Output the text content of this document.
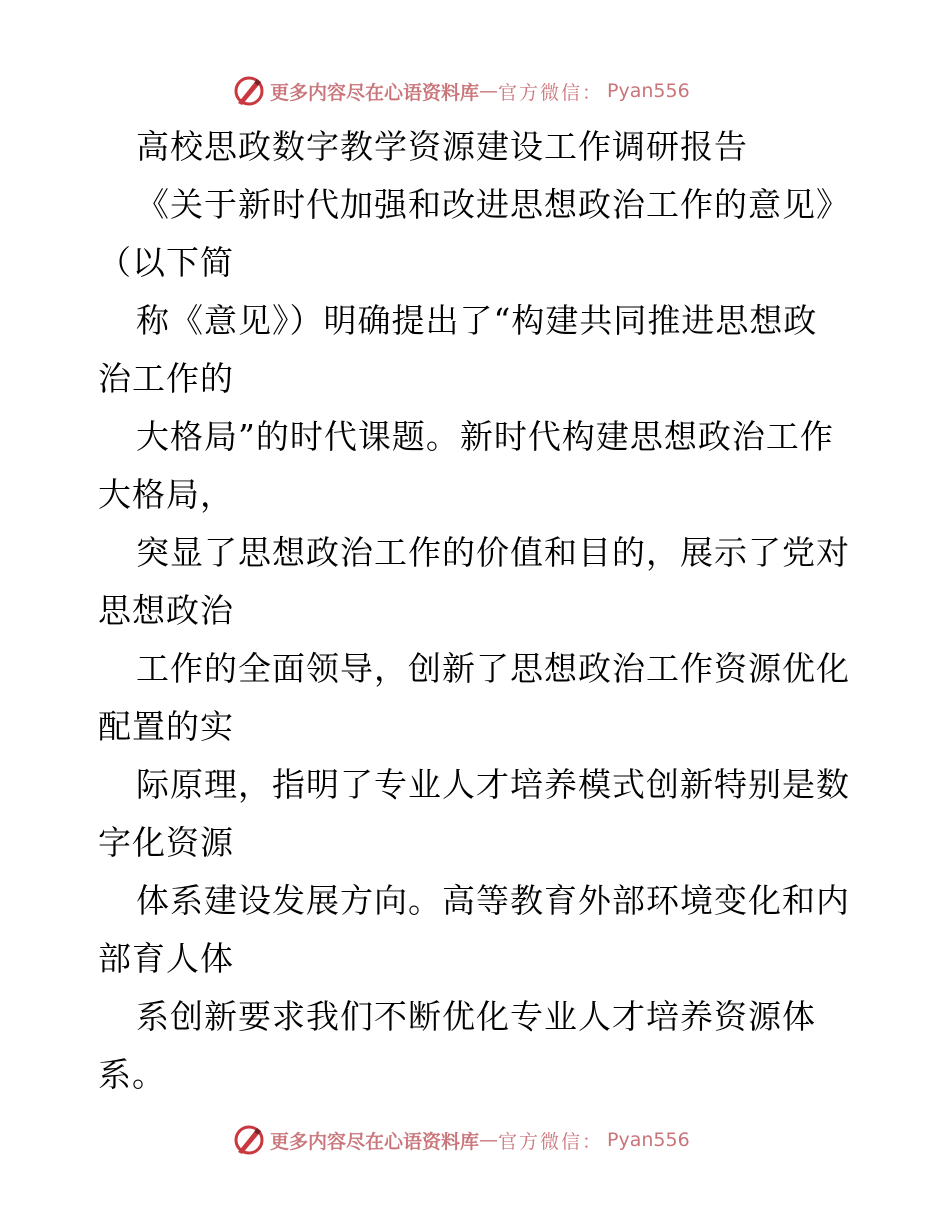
更多内容尽在心语资料库 — 官方微信： Pyan556
高校思政数字教学资源建设工作调研报告
《关于新时代加强和改进思想政治工作的意见》
（以下简
称《意见》）明确提出了“构建共同推进思想政
治工作的
大格局”的时代课题。新时代构建思想政治工作
大格局，
突显了思想政治工作的价值和目的，展示了党对
思想政治
工作的全面领导，创新了思想政治工作资源优化
配置的实
际原理，指明了专业人才培养模式创新特别是数
字化资源
体系建设发展方向。高等教育外部环境变化和内
部育人体
系创新要求我们不断优化专业人才培养资源体
系。
更多内容尽在心语资料库 — 官方微信： Pyan556
